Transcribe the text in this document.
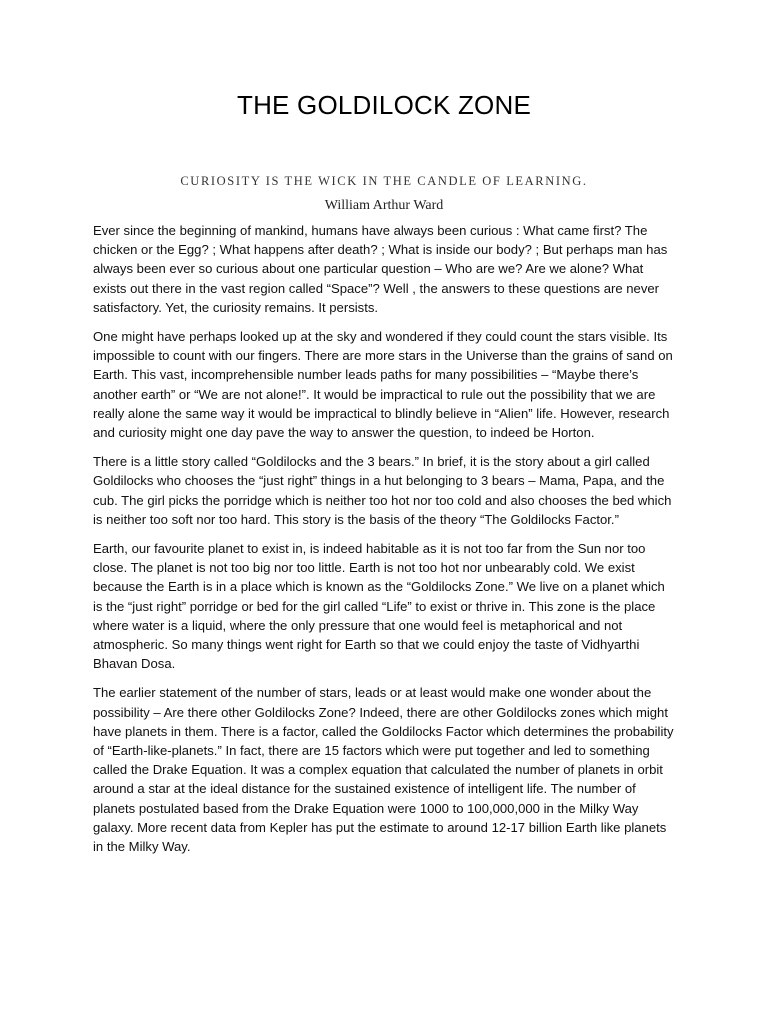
THE GOLDILOCK ZONE

CURIOSITY IS THE WICK IN THE CANDLE OF LEARNING.

William Arthur Ward

Ever since the beginning of mankind, humans have always been curious : What came first? The chicken or the Egg? ; What happens after death? ; What is inside our body? ; But perhaps man has always been ever so curious about one particular question – Who are we? Are we alone? What exists out there in the vast region called “Space”? Well , the answers to these questions are never satisfactory. Yet, the curiosity remains. It persists.

One might have perhaps looked up at the sky and wondered if they could count the stars visible. Its impossible to count with our fingers. There are more stars in the Universe than the grains of sand on Earth. This vast, incomprehensible number leads paths for many possibilities – “Maybe there’s another earth” or “We are not alone!”. It would be impractical to rule out the possibility that we are really alone the same way it would be impractical to blindly believe in “Alien” life. However, research and curiosity might one day pave the way to answer the question, to indeed be Horton.

There is a little story called “Goldilocks and the 3 bears.” In brief, it is the story about a girl called Goldilocks who chooses the “just right” things in a hut belonging to 3 bears – Mama, Papa, and the cub. The girl picks the porridge which is neither too hot nor too cold and also chooses the bed which is neither too soft nor too hard. This story is the basis of the theory “The Goldilocks Factor.”

Earth, our favourite planet to exist in, is indeed habitable as it is not too far from the Sun nor too close. The planet is not too big nor too little. Earth is not too hot nor unbearably cold. We exist because the Earth is in a place which is known as the “Goldilocks Zone.” We live on a planet which is the “just right” porridge or bed for the girl called “Life” to exist or thrive in. This zone is the place where water is a liquid, where the only pressure that one would feel is metaphorical and not atmospheric. So many things went right for Earth so that we could enjoy the taste of Vidhyarthi Bhavan Dosa.

The earlier statement of the number of stars, leads or at least would make one wonder about the possibility – Are there other Goldilocks Zone? Indeed, there are other Goldilocks zones which might have planets in them. There is a factor, called the Goldilocks Factor which determines the probability of “Earth-like-planets.” In fact, there are 15 factors which were put together and led to something called the Drake Equation. It was a complex equation that calculated the number of planets in orbit around a star at the ideal distance for the sustained existence of intelligent life. The number of planets postulated based from the Drake Equation were 1000 to 100,000,000 in the Milky Way galaxy. More recent data from Kepler has put the estimate to around 12-17 billion Earth like planets in the Milky Way.
